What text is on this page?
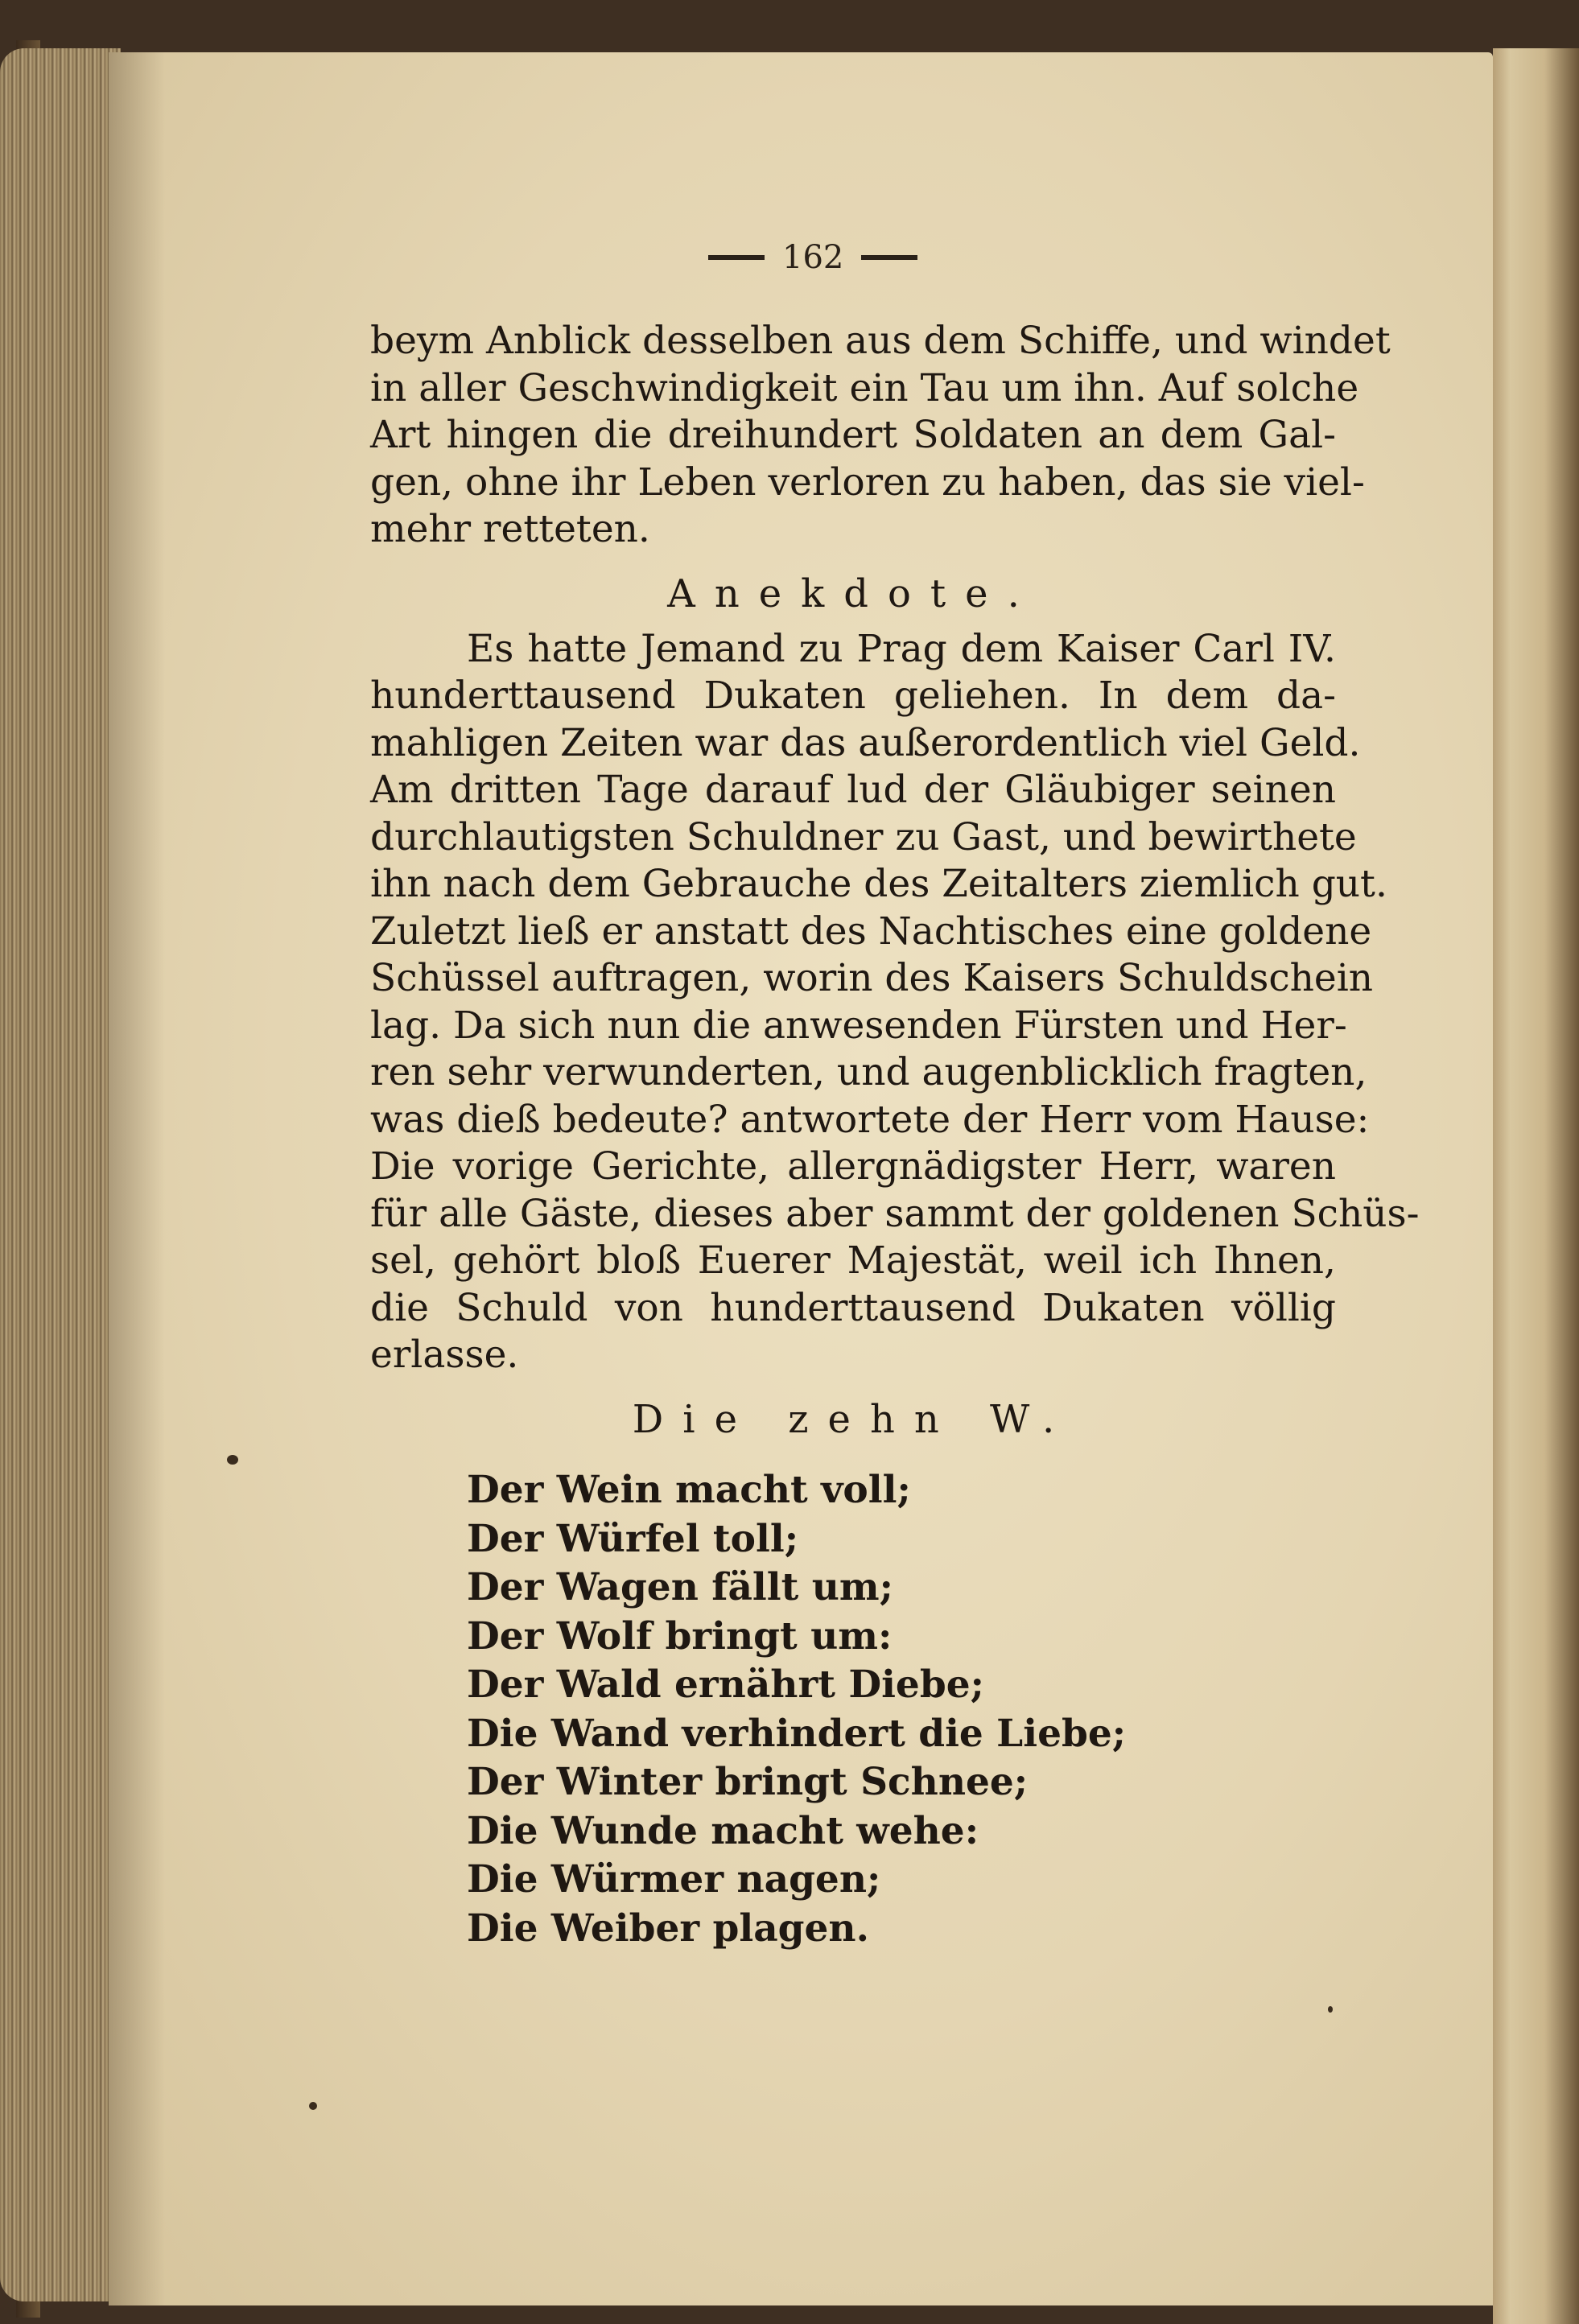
162
beym Anblick desselben aus dem Schiffe, und windet
in aller Geschwindigkeit ein Tau um ihn. Auf solche
Art hingen die dreihundert Soldaten an dem Gal-
gen, ohne ihr Leben verloren zu haben, das sie viel-
mehr retteten.
Anekdote.
Es hatte Jemand zu Prag dem Kaiser Carl IV.
hunderttausend Dukaten geliehen. In dem da-
mahligen Zeiten war das außerordentlich viel Geld.
Am dritten Tage darauf lud der Gläubiger seinen
durchlautigsten Schuldner zu Gast, und bewirthete
ihn nach dem Gebrauche des Zeitalters ziemlich gut.
Zuletzt ließ er anstatt des Nachtisches eine goldene
Schüssel auftragen, worin des Kaisers Schuldschein
lag. Da sich nun die anwesenden Fürsten und Her-
ren sehr verwunderten, und augenblicklich fragten,
was dieß bedeute? antwortete der Herr vom Hause:
Die vorige Gerichte, allergnädigster Herr, waren
für alle Gäste, dieses aber sammt der goldenen Schüs-
sel, gehört bloß Euerer Majestät, weil ich Ihnen,
die Schuld von hunderttausend Dukaten völlig
erlasse.
Die zehn W.
Der Wein macht voll;
Der Würfel toll;
Der Wagen fällt um;
Der Wolf bringt um:
Der Wald ernährt Diebe;
Die Wand verhindert die Liebe;
Der Winter bringt Schnee;
Die Wunde macht wehe:
Die Würmer nagen;
Die Weiber plagen.
